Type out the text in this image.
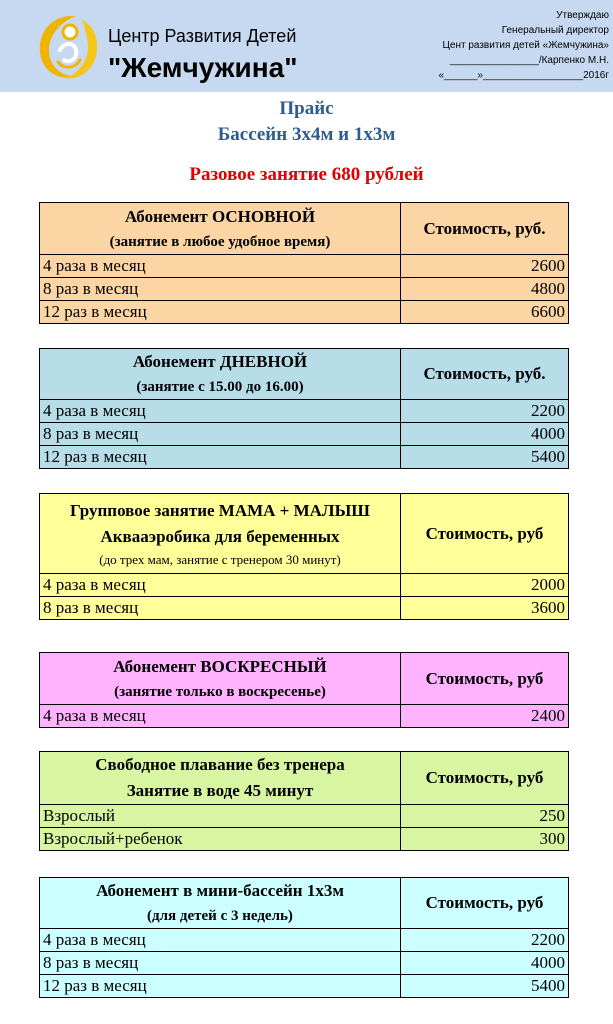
Центр Развития Детей
"Жемчужина"
Утверждаю
Генеральный директор
Цент развития детей «Жемчужина»
________________/Карпенко М.Н.
«______»__________________2016г
Прайс
Бассейн 3х4м и 1х3м
Разовое занятие 680 рублей
Абонемент ОСНОВНОЙ
(занятие в любое удобное время)	Стоимость, руб.
4 раза в месяц	2600
8 раз в месяц	4800
12 раз в месяц	6600
Абонемент ДНЕВНОЙ
(занятие с 15.00 до 16.00)	Стоимость, руб.
4 раза в месяц	2200
8 раз в месяц	4000
12 раз в месяц	5400
Групповое занятие МАМА + МАЛЫШ
Аквааэробика для беременных
(до трех мам, занятие с тренером 30 минут)	Стоимость, руб
4 раза в месяц	2000
8 раз в месяц	3600
Абонемент ВОСКРЕСНЫЙ
(занятие только в воскресенье)	Стоимость, руб
4 раза в месяц	2400
Свободное плавание без тренера
Занятие в воде 45 минут	Стоимость, руб
Взрослый	250
Взрослый+ребенок	300
Абонемент в мини-бассейн 1х3м
(для детей с 3 недель)	Стоимость, руб
4 раза в месяц	2200
8 раз в месяц	4000
12 раз в месяц	5400
